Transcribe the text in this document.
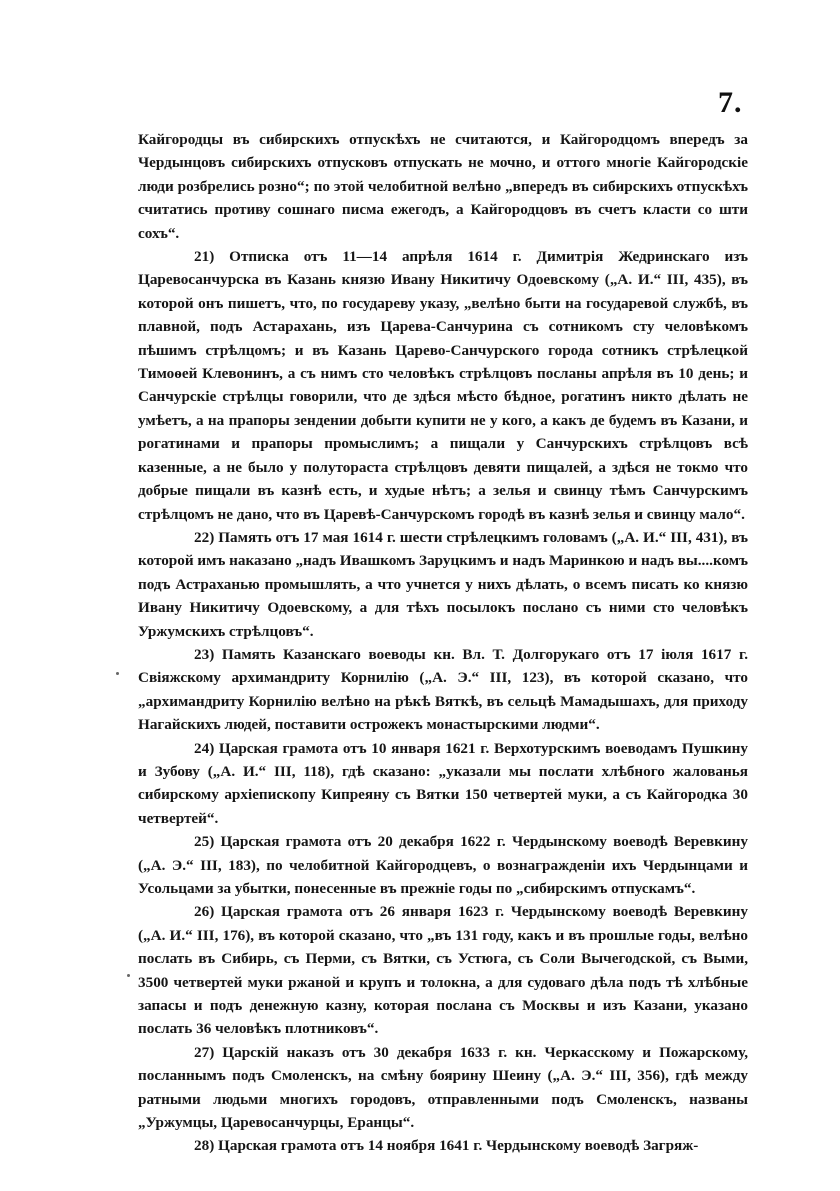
7.

Кайгородцы въ сибирскихъ отпускѣхъ не считаются, и Кайгородцомъ впередъ за Чердынцовъ сибирскихъ отпусковъ отпускать не мочно, и оттого многіе Кайгородскіе люди розбрелись розно“; по этой челобитной велѣно „впередъ въ сибирскихъ отпускѣхъ считатись противу сошнаго писма ежегодъ, а Кайгородцовъ въ счетъ класти со шти сохъ“.

21) Отписка отъ 11—14 апрѣля 1614 г. Димитрія Жедринскаго изъ Царевосанчурска въ Казань князю Ивану Никитичу Одоевскому („А. И.“ III, 435), въ которой онъ пишетъ, что, по государеву указу, „велѣно быти на государевой службѣ, въ плавной, подъ Астарахань, изъ Царева-Санчурина съ сотникомъ сту человѣкомъ пѣшимъ стрѣлцомъ; и въ Казань Царево-Санчурского города сотникъ стрѣлецкой Тимоѳей Клевонинъ, а съ нимъ сто человѣкъ стрѣлцовъ посланы апрѣля въ 10 день; и Санчурскіе стрѣлцы говорили, что де здѣся мѣсто бѣдное, рогатинъ никто дѣлать не умѣетъ, а на прапоры зендении добыти купити не у кого, а какъ де будемъ въ Казани, и рогатинами и прапоры промыслимъ; а пищали у Санчурскихъ стрѣлцовъ всѣ казенные, а не было у полутораста стрѣлцовъ девяти пищалей, а здѣся не токмо что добрые пищали въ казнѣ есть, и худые нѣтъ; а зелья и свинцу тѣмъ Санчурскимъ стрѣлцомъ не дано, что въ Царевѣ-Санчурскомъ городѣ въ казнѣ зелья и свинцу мало“.

22) Память отъ 17 мая 1614 г. шести стрѣлецкимъ головамъ („А. И.“ III, 431), въ которой имъ наказано „надъ Ивашкомъ Заруцкимъ и надъ Маринкою и надъ вы....комъ подъ Астраханью промышлять, а что учнется у нихъ дѣлать, о всемъ писать ко князю Ивану Никитичу Одоевскому, а для тѣхъ посылокъ послано съ ними сто человѣкъ Уржумскихъ стрѣлцовъ“.

23) Память Казанскаго воеводы кн. Вл. Т. Долгорукаго отъ 17 іюля 1617 г. Свіяжскому архимандриту Корнилію („А. Э.“ III, 123), въ которой сказано, что „архимандриту Корнилію велѣно на рѣкѣ Вяткѣ, въ сельцѣ Мамадышахъ, для приходу Нагайскихъ людей, поставити острожекъ монастырскими людми“.

24) Царская грамота отъ 10 января 1621 г. Верхотурскимъ воеводамъ Пушкину и Зубову („А. И.“ III, 118), гдѣ сказано: „указали мы послати хлѣбного жалованья сибирскому архіепископу Кипреяну съ Вятки 150 четвертей муки, а съ Кайгородка 30 четвертей“.

25) Царская грамота отъ 20 декабря 1622 г. Чердынскому воеводѣ Веревкину („А. Э.“ III, 183), по челобитной Кайгородцевъ, о вознагражденіи ихъ Чердынцами и Усольцами за убытки, понесенные въ прежніе годы по „сибирскимъ отпускамъ“.

26) Царская грамота отъ 26 января 1623 г. Чердынскому воеводѣ Веревкину („А. И.“ III, 176), въ которой сказано, что „въ 131 году, какъ и въ прошлые годы, велѣно послать въ Сибирь, съ Перми, съ Вятки, съ Устюга, съ Соли Вычегодской, съ Выми, 3500 четвертей муки ржаной и крупъ и толокна, а для судоваго дѣла подъ тѣ хлѣбные запасы и подъ денежную казну, которая послана съ Москвы и изъ Казани, указано послать 36 человѣкъ плотниковъ“.

27) Царскій наказъ отъ 30 декабря 1633 г. кн. Черкасскому и Пожарскому, посланнымъ подъ Смоленскъ, на смѣну боярину Шеину („А. Э.“ III, 356), гдѣ между ратными людьми многихъ городовъ, отправленными подъ Смоленскъ, названы „Уржумцы, Царевосанчурцы, Еранцы“.

28) Царская грамота отъ 14 ноября 1641 г. Чердынскому воеводѣ Загряж-
